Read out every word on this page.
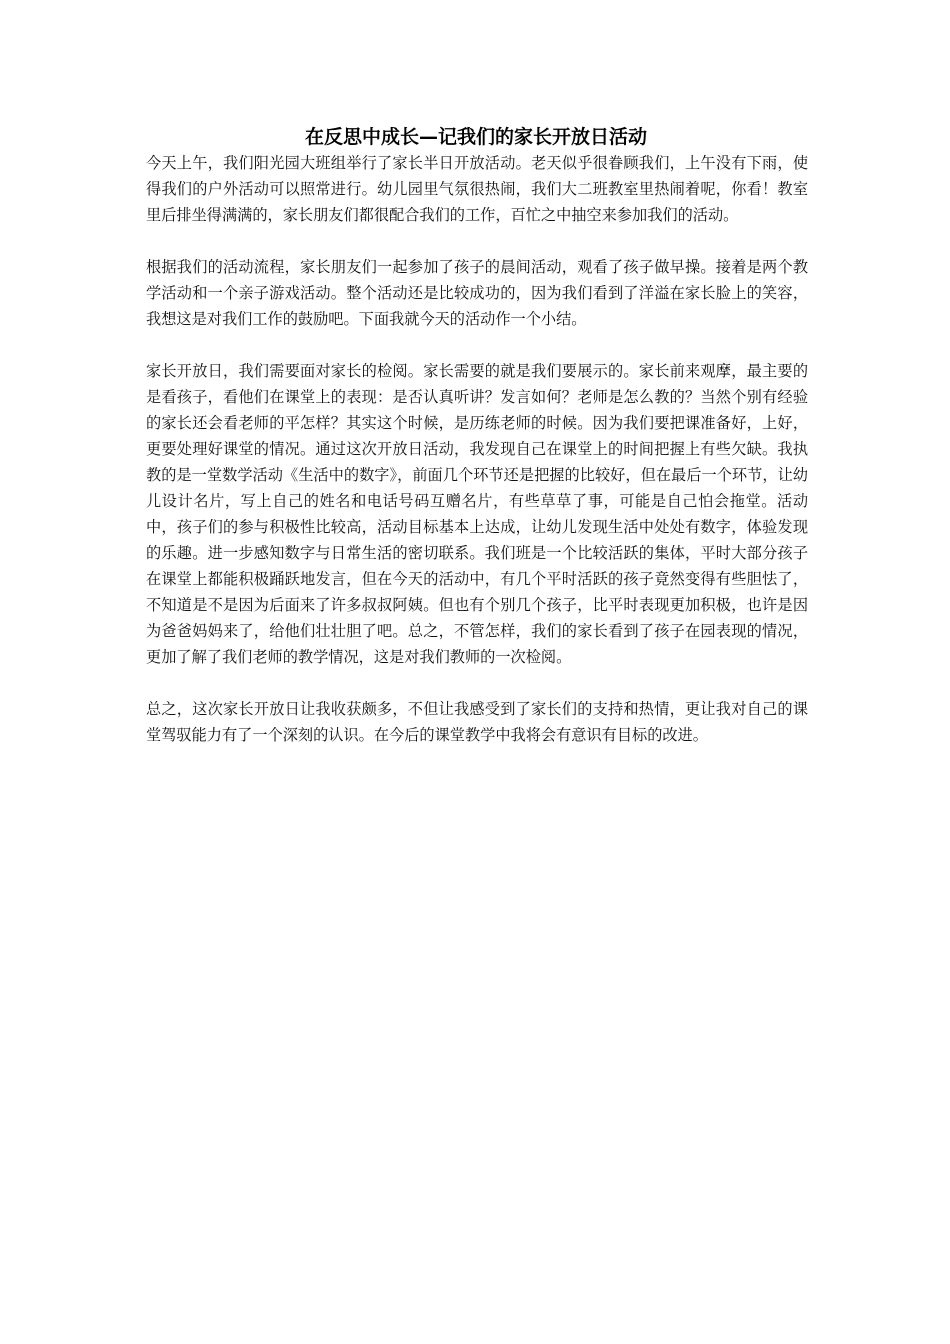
在反思中成长—记我们的家长开放日活动

今天上午，我们阳光园大班组举行了家长半日开放活动。老天似乎很眷顾我们，上午没有下雨，使得我们的户外活动可以照常进行。幼儿园里气氛很热闹，我们大二班教室里热闹着呢，你看！教室里后排坐得满满的，家长朋友们都很配合我们的工作，百忙之中抽空来参加我们的活动。

根据我们的活动流程，家长朋友们一起参加了孩子的晨间活动，观看了孩子做早操。接着是两个教学活动和一个亲子游戏活动。整个活动还是比较成功的，因为我们看到了洋溢在家长脸上的笑容，我想这是对我们工作的鼓励吧。下面我就今天的活动作一个小结。

家长开放日，我们需要面对家长的检阅。家长需要的就是我们要展示的。家长前来观摩，最主要的是看孩子，看他们在课堂上的表现：是否认真听讲？发言如何？老师是怎么教的？当然个别有经验的家长还会看老师的平怎样？其实这个时候，是历练老师的时候。因为我们要把课准备好，上好，更要处理好课堂的情况。通过这次开放日活动，我发现自己在课堂上的时间把握上有些欠缺。我执教的是一堂数学活动《生活中的数字》，前面几个环节还是把握的比较好，但在最后一个环节，让幼儿设计名片，写上自己的姓名和电话号码互赠名片，有些草草了事，可能是自己怕会拖堂。活动中，孩子们的参与积极性比较高，活动目标基本上达成，让幼儿发现生活中处处有数字，体验发现的乐趣。进一步感知数字与日常生活的密切联系。我们班是一个比较活跃的集体，平时大部分孩子在课堂上都能积极踊跃地发言，但在今天的活动中，有几个平时活跃的孩子竟然变得有些胆怯了，不知道是不是因为后面来了许多叔叔阿姨。但也有个别几个孩子，比平时表现更加积极，也许是因为爸爸妈妈来了，给他们壮壮胆了吧。总之，不管怎样，我们的家长看到了孩子在园表现的情况，更加了解了我们老师的教学情况，这是对我们教师的一次检阅。

总之，这次家长开放日让我收获颇多，不但让我感受到了家长们的支持和热情，更让我对自己的课堂驾驭能力有了一个深刻的认识。在今后的课堂教学中我将会有意识有目标的改进。
